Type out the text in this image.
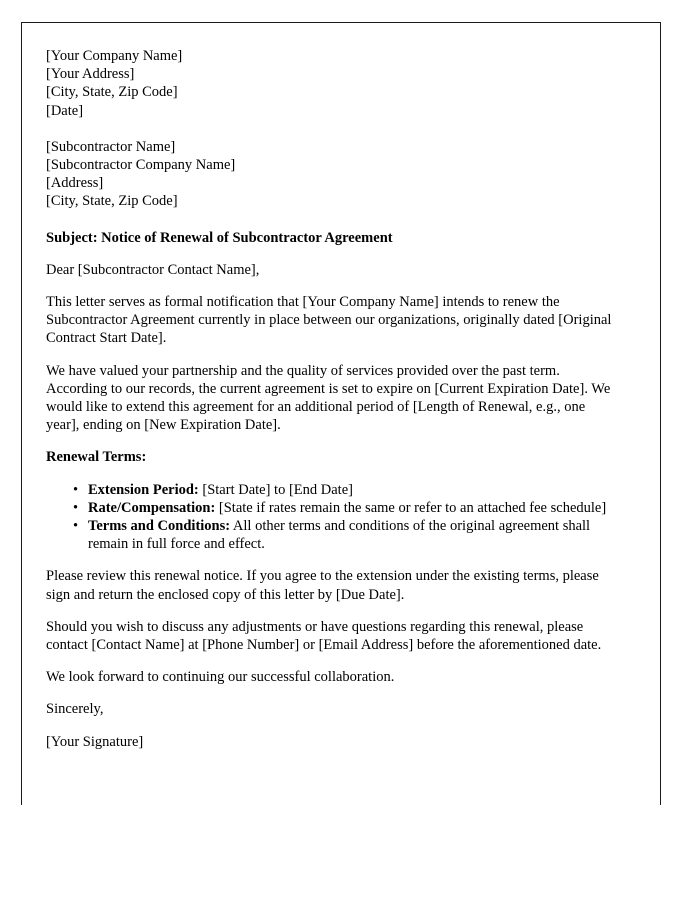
[Your Company Name]
[Your Address]
[City, State, Zip Code]
[Date]
[Subcontractor Name]
[Subcontractor Company Name]
[Address]
[City, State, Zip Code]

Subject: Notice of Renewal of Subcontractor Agreement

Dear [Subcontractor Contact Name],

This letter serves as formal notification that [Your Company Name] intends to renew the Subcontractor Agreement currently in place between our organizations, originally dated [Original Contract Start Date].

We have valued your partnership and the quality of services provided over the past term. According to our records, the current agreement is set to expire on [Current Expiration Date]. We would like to extend this agreement for an additional period of [Length of Renewal, e.g., one year], ending on [New Expiration Date].

Renewal Terms:

• Extension Period: [Start Date] to [End Date]
• Rate/Compensation: [State if rates remain the same or refer to an attached fee schedule]
• Terms and Conditions: All other terms and conditions of the original agreement shall remain in full force and effect.

Please review this renewal notice. If you agree to the extension under the existing terms, please sign and return the enclosed copy of this letter by [Due Date].

Should you wish to discuss any adjustments or have questions regarding this renewal, please contact [Contact Name] at [Phone Number] or [Email Address] before the aforementioned date.

We look forward to continuing our successful collaboration.

Sincerely,

[Your Signature]
